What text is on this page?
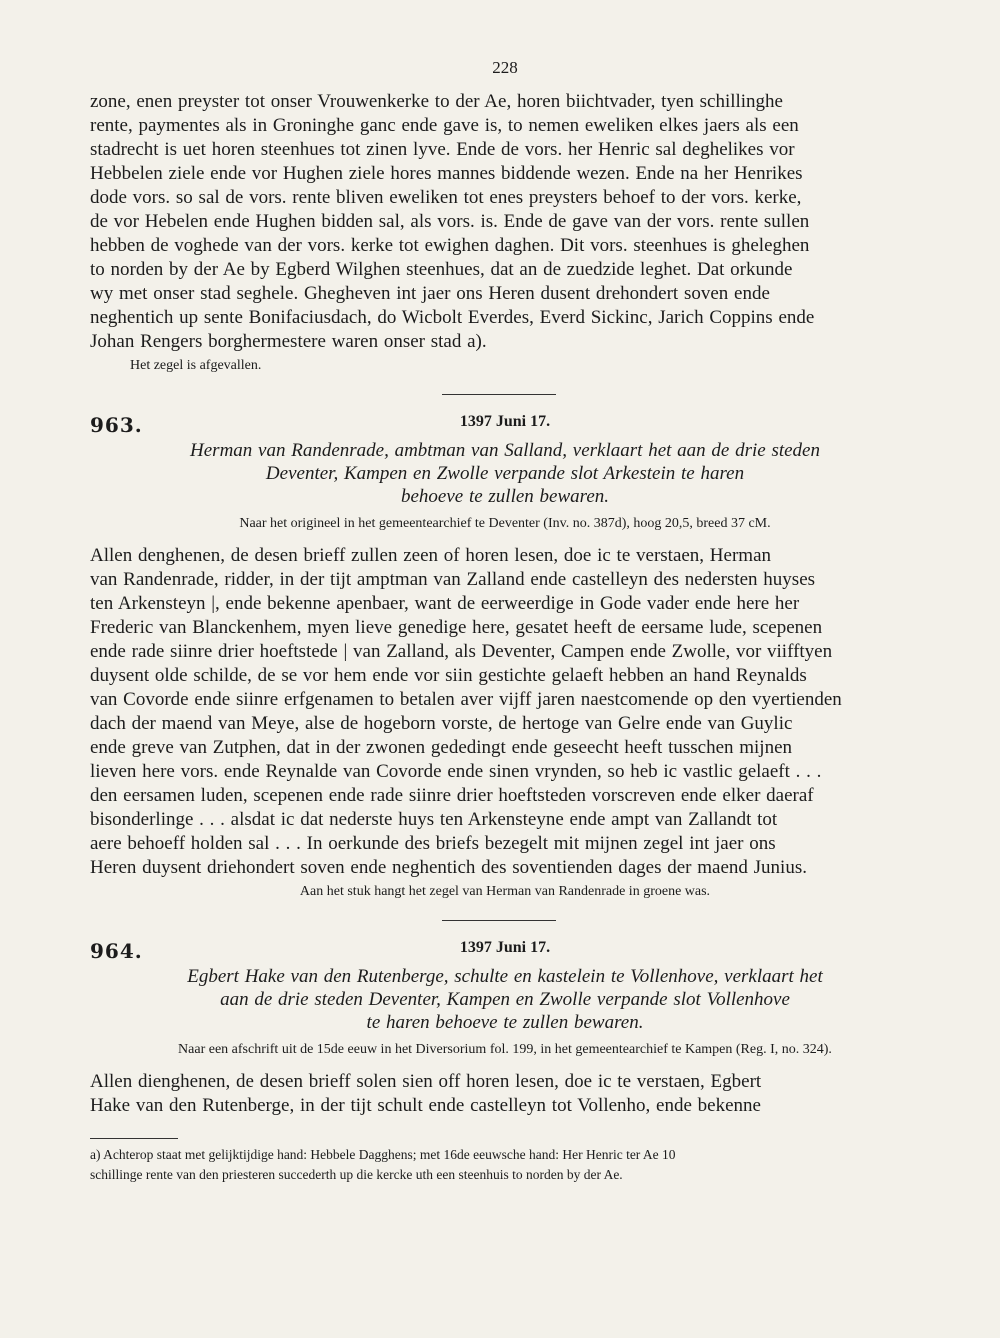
228
zone, enen preyster tot onser Vrouwenkerke to der Ae, horen biichtvader, tyen schillinghe
rente, paymentes als in Groninghe ganc ende gave is, to nemen eweliken elkes jaers als een
stadrecht is uet horen steenhues tot zinen lyve. Ende de vors. her Henric sal deghelikes vor
Hebbelen ziele ende vor Hughen ziele hores mannes biddende wezen. Ende na her Henrikes
dode vors. so sal de vors. rente bliven eweliken tot enes preysters behoef to der vors. kerke,
de vor Hebelen ende Hughen bidden sal, als vors. is. Ende de gave van der vors. rente sullen
hebben de voghede van der vors. kerke tot ewighen daghen. Dit vors. steenhues is gheleghen
to norden by der Ae by Egberd Wilghen steenhues, dat an de zuedzide leghet. Dat orkunde
wy met onser stad seghele. Ghegheven int jaer ons Heren dusent drehondert soven ende
neghentich up sente Bonifaciusdach, do Wicbolt Everdes, Everd Sickinc, Jarich Coppins ende
Johan Rengers borghermestere waren onser stad a).
Het zegel is afgevallen.
963.	1397 Juni 17.
Herman van Randenrade, ambtman van Salland, verklaart het aan de drie steden
Deventer, Kampen en Zwolle verpande slot Arkestein te haren
behoeve te zullen bewaren.
Naar het origineel in het gemeentearchief te Deventer (Inv. no. 387d), hoog 20,5, breed 37 cM.
Allen denghenen, de desen brieff zullen zeen of horen lesen, doe ic te verstaen, Herman
van Randenrade, ridder, in der tijt amptman van Zalland ende castelleyn des nedersten huyses
ten Arkensteyn |, ende bekenne apenbaer, want de eerweerdige in Gode vader ende here her
Frederic van Blanckenhem, myen lieve genedige here, gesatet heeft de eersame lude, scepenen
ende rade siinre drier hoeftstede | van Zalland, als Deventer, Campen ende Zwolle, vor viifftyen
duysent olde schilde, de se vor hem ende vor siin gestichte gelaeft hebben an hand Reynalds
van Covorde ende siinre erfgenamen to betalen aver vijff jaren naestcomende op den vyertienden
dach der maend van Meye, alse de hogeborn vorste, de hertoge van Gelre ende van Guylic
ende greve van Zutphen, dat in der zwonen gededingt ende geseecht heeft tusschen mijnen
lieven here vors. ende Reynalde van Covorde ende sinen vrynden, so heb ic vastlic gelaeft . . .
den eersamen luden, scepenen ende rade siinre drier hoeftsteden vorscreven ende elker daeraf
bisonderlinge . . . alsdat ic dat nederste huys ten Arkensteyne ende ampt van Zallandt tot
aere behoeff holden sal . . . In oerkunde des briefs bezegelt mit mijnen zegel int jaer ons
Heren duysent driehondert soven ende neghentich des soventienden dages der maend Junius.
Aan het stuk hangt het zegel van Herman van Randenrade in groene was.
964.	1397 Juni 17.
Egbert Hake van den Rutenberge, schulte en kastelein te Vollenhove, verklaart het
aan de drie steden Deventer, Kampen en Zwolle verpande slot Vollenhove
te haren behoeve te zullen bewaren.
Naar een afschrift uit de 15de eeuw in het Diversorium fol. 199, in het gemeentearchief te Kampen (Reg. I, no. 324).
Allen dienghenen, de desen brieff solen sien off horen lesen, doe ic te verstaen, Egbert
Hake van den Rutenberge, in der tijt schult ende castelleyn tot Vollenho, ende bekenne
a) Achterop staat met gelijktijdige hand: Hebbele Dagghens; met 16de eeuwsche hand: Her Henric ter Ae 10
schillinge rente van den priesteren succederth up die kercke uth een steenhuis to norden by der Ae.
